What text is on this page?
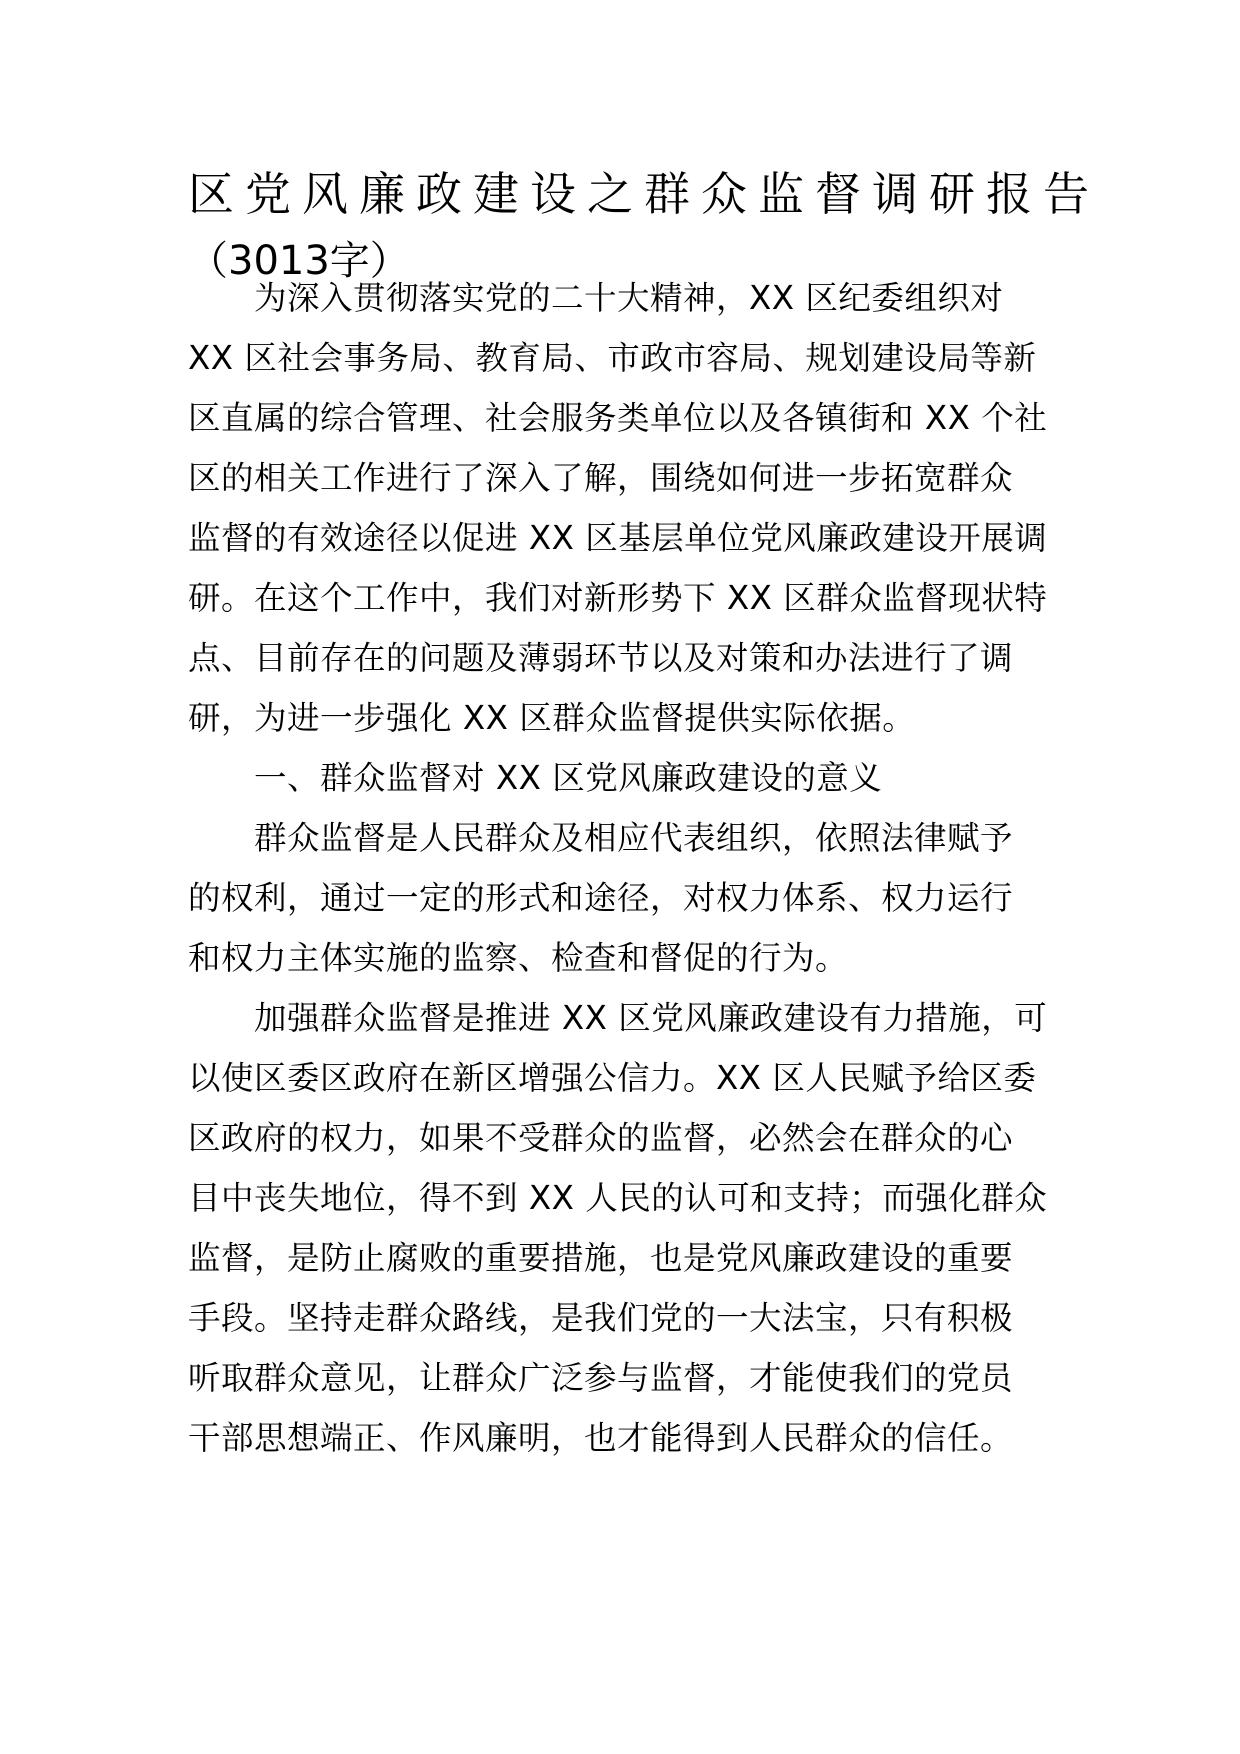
区党风廉政建设之群众监督调研报告
（3013字）
为深入贯彻落实党的二十大精神，XX 区纪委组织对
XX 区社会事务局、教育局、市政市容局、规划建设局等新
区直属的综合管理、社会服务类单位以及各镇街和 XX 个社
区的相关工作进行了深入了解，围绕如何进一步拓宽群众
监督的有效途径以促进 XX 区基层单位党风廉政建设开展调
研。在这个工作中，我们对新形势下 XX 区群众监督现状特
点、目前存在的问题及薄弱环节以及对策和办法进行了调
研，为进一步强化 XX 区群众监督提供实际依据。
一、群众监督对 XX 区党风廉政建设的意义
群众监督是人民群众及相应代表组织，依照法律赋予
的权利，通过一定的形式和途径，对权力体系、权力运行
和权力主体实施的监察、检查和督促的行为。
加强群众监督是推进 XX 区党风廉政建设有力措施，可
以使区委区政府在新区增强公信力。XX 区人民赋予给区委
区政府的权力，如果不受群众的监督，必然会在群众的心
目中丧失地位，得不到 XX 人民的认可和支持；而强化群众
监督，是防止腐败的重要措施，也是党风廉政建设的重要
手段。坚持走群众路线，是我们党的一大法宝，只有积极
听取群众意见，让群众广泛参与监督，才能使我们的党员
干部思想端正、作风廉明，也才能得到人民群众的信任。
